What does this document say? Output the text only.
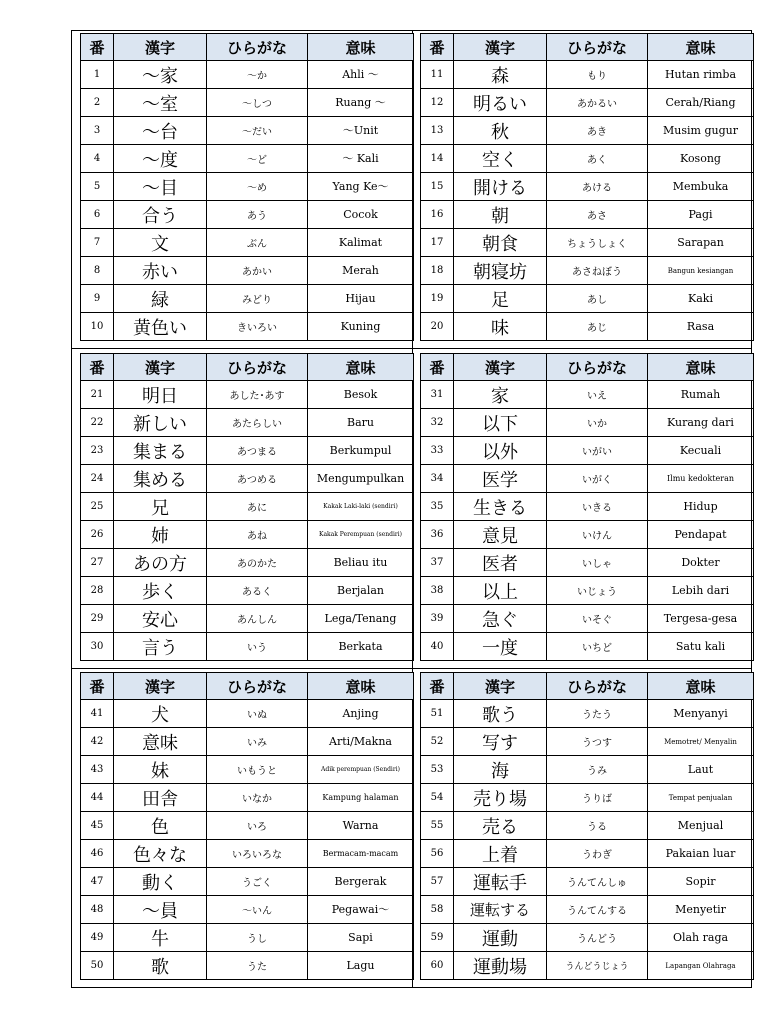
番	漢字	ひらがな	意味
1	〜家	〜か	Ahli 〜
2	〜室	〜しつ	Ruang 〜
3	〜台	〜だい	〜Unit
4	〜度	〜ど	〜 Kali
5	〜目	〜め	Yang Ke〜
6	合う	あう	Cocok
7	文	ぶん	Kalimat
8	赤い	あかい	Merah
9	緑	みどり	Hijau
10	黄色い	きいろい	Kuning
番	漢字	ひらがな	意味
11	森	もり	Hutan rimba
12	明るい	あかるい	Cerah/Riang
13	秋	あき	Musim gugur
14	空く	あく	Kosong
15	開ける	あける	Membuka
16	朝	あさ	Pagi
17	朝食	ちょうしょく	Sarapan
18	朝寝坊	あさねぼう	Bangun kesiangan
19	足	あし	Kaki
20	味	あじ	Rasa
番	漢字	ひらがな	意味
21	明日	あした･あす	Besok
22	新しい	あたらしい	Baru
23	集まる	あつまる	Berkumpul
24	集める	あつめる	Mengumpulkan
25	兄	あに	Kakak Laki-laki (sendiri)
26	姉	あね	Kakak Perempuan (sendiri)
27	あの方	あのかた	Beliau itu
28	歩く	あるく	Berjalan
29	安心	あんしん	Lega/Tenang
30	言う	いう	Berkata
番	漢字	ひらがな	意味
31	家	いえ	Rumah
32	以下	いか	Kurang dari
33	以外	いがい	Kecuali
34	医学	いがく	Ilmu kedokteran
35	生きる	いきる	Hidup
36	意見	いけん	Pendapat
37	医者	いしゃ	Dokter
38	以上	いじょう	Lebih dari
39	急ぐ	いそぐ	Tergesa-gesa
40	一度	いちど	Satu kali
番	漢字	ひらがな	意味
41	犬	いぬ	Anjing
42	意味	いみ	Arti/Makna
43	妹	いもうと	Adik perempuan (Sendiri)
44	田舎	いなか	Kampung halaman
45	色	いろ	Warna
46	色々な	いろいろな	Bermacam-macam
47	動く	うごく	Bergerak
48	〜員	〜いん	Pegawai〜
49	牛	うし	Sapi
50	歌	うた	Lagu
番	漢字	ひらがな	意味
51	歌う	うたう	Menyanyi
52	写す	うつす	Memotret/ Menyalin
53	海	うみ	Laut
54	売り場	うりば	Tempat penjualan
55	売る	うる	Menjual
56	上着	うわぎ	Pakaian luar
57	運転手	うんてんしゅ	Sopir
58	運転する	うんてんする	Menyetir
59	運動	うんどう	Olah raga
60	運動場	うんどうじょう	Lapangan Olahraga
